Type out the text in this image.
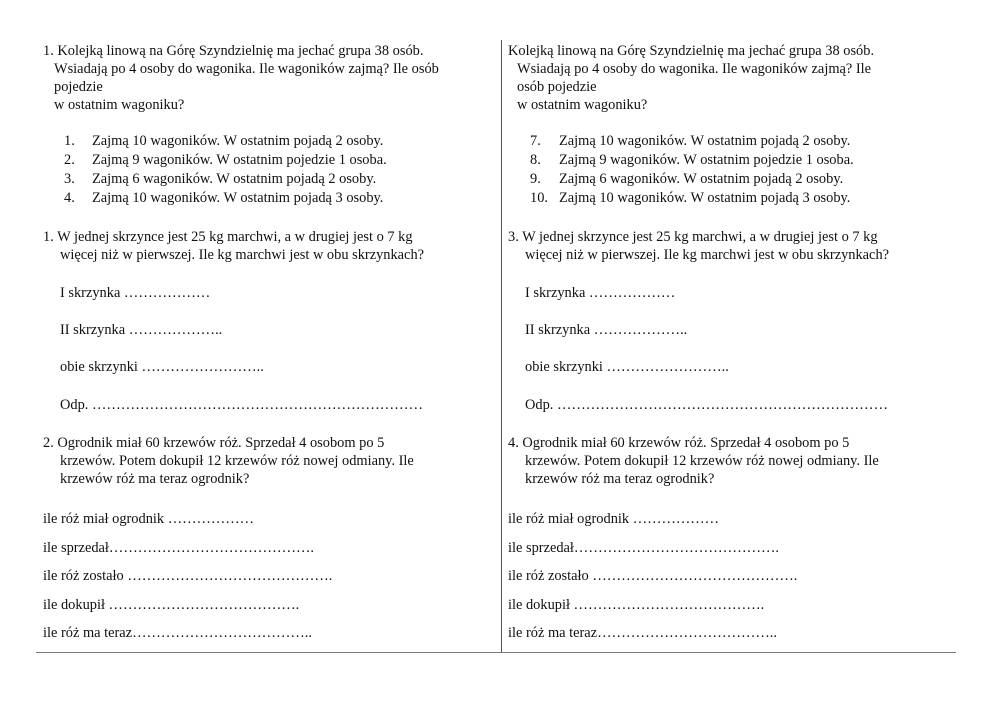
1. Kolejką linową na Górę Szyndzielnię ma jechać grupa 38 osób.
Wsiadają po 4 osoby do wagonika. Ile wagoników zajmą? Ile osób
pojedzie
w ostatnim wagoniku?
1. Zajmą 10 wagoników. W ostatnim pojadą 2 osoby.
2. Zajmą 9 wagoników. W ostatnim pojedzie 1 osoba.
3. Zajmą 6 wagoników. W ostatnim pojadą 2 osoby.
4. Zajmą 10 wagoników. W ostatnim pojadą 3 osoby.
1. W jednej skrzynce jest 25 kg marchwi, a w drugiej jest o 7 kg
więcej niż w pierwszej. Ile kg marchwi jest w obu skrzynkach?
I skrzynka ………………
II skrzynka ………………..
obie skrzynki ……………………..
Odp. ……………………………………………………………
2. Ogrodnik miał 60 krzewów róż. Sprzedał 4 osobom po 5
krzewów. Potem dokupił 12 krzewów róż nowej odmiany. Ile
krzewów róż ma teraz ogrodnik?
ile róż miał ogrodnik ………………
ile sprzedał…………………………………….
ile róż zostało …………………………………….
ile dokupił ………………………………….
ile róż ma teraz………………………………..
Kolejką linową na Górę Szyndzielnię ma jechać grupa 38 osób.
Wsiadają po 4 osoby do wagonika. Ile wagoników zajmą? Ile
osób pojedzie
w ostatnim wagoniku?
7. Zajmą 10 wagoników. W ostatnim pojadą 2 osoby.
8. Zajmą 9 wagoników. W ostatnim pojedzie 1 osoba.
9. Zajmą 6 wagoników. W ostatnim pojadą 2 osoby.
10. Zajmą 10 wagoników. W ostatnim pojadą 3 osoby.
3. W jednej skrzynce jest 25 kg marchwi, a w drugiej jest o 7 kg
więcej niż w pierwszej. Ile kg marchwi jest w obu skrzynkach?
I skrzynka ………………
II skrzynka ………………..
obie skrzynki ……………………..
Odp. ……………………………………………………………
4. Ogrodnik miał 60 krzewów róż. Sprzedał 4 osobom po 5
krzewów. Potem dokupił 12 krzewów róż nowej odmiany. Ile
krzewów róż ma teraz ogrodnik?
ile róż miał ogrodnik ………………
ile sprzedał…………………………………….
ile róż zostało …………………………………….
ile dokupił ………………………………….
ile róż ma teraz………………………………..
